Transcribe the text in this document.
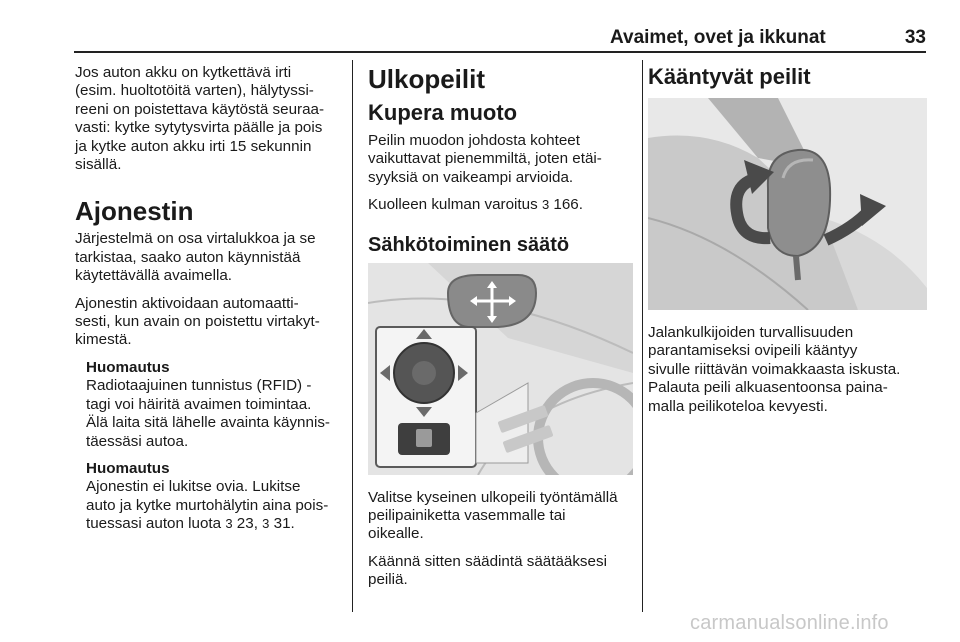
Avaimet, ovet ja ikkunat	33

Jos auton akku on kytkettävä irti
(esim. huoltotöitä varten), hälytyssi-
reeni on poistettava käytöstä seuraa-
vasti: kytke sytytysvirta päälle ja pois
ja kytke auton akku irti 15 sekunnin
sisällä.

Ajonestin

Järjestelmä on osa virtalukkoa ja se
tarkistaa, saako auton käynnistää
käytettävällä avaimella.

Ajonestin aktivoidaan automaatti-
sesti, kun avain on poistettu virtakyt-
kimestä.

Huomautus

Radiotaajuinen tunnistus (RFID) -
tagi voi häiritä avaimen toimintaa.
Älä laita sitä lähelle avainta käynnis-
täessäsi autoa.

Huomautus

Ajonestin ei lukitse ovia. Lukitse
auto ja kytke murtohälytin aina pois-
tuessasi auton luota 3 23, 3 31.

Ulkopeilit
Kupera muoto

Peilin muodon johdosta kohteet
vaikuttavat pienemmiltä, joten etäi-
syyksiä on vaikeampi arvioida.

Kuolleen kulman varoitus 3 166.

Sähkötoiminen säätö

Valitse kyseinen ulkopeili työntämällä
peilipainiketta vasemmalle tai
oikealle.

Käännä sitten säädintä säätääksesi
peiliä.

Kääntyvät peilit

Jalankulkijoiden turvallisuuden
parantamiseksi ovipeili kääntyy
sivulle riittävän voimakkaasta iskusta.
Palauta peili alkuasentoonsa paina-
malla peilikoteloa kevyesti.

carmanualsonline.info
